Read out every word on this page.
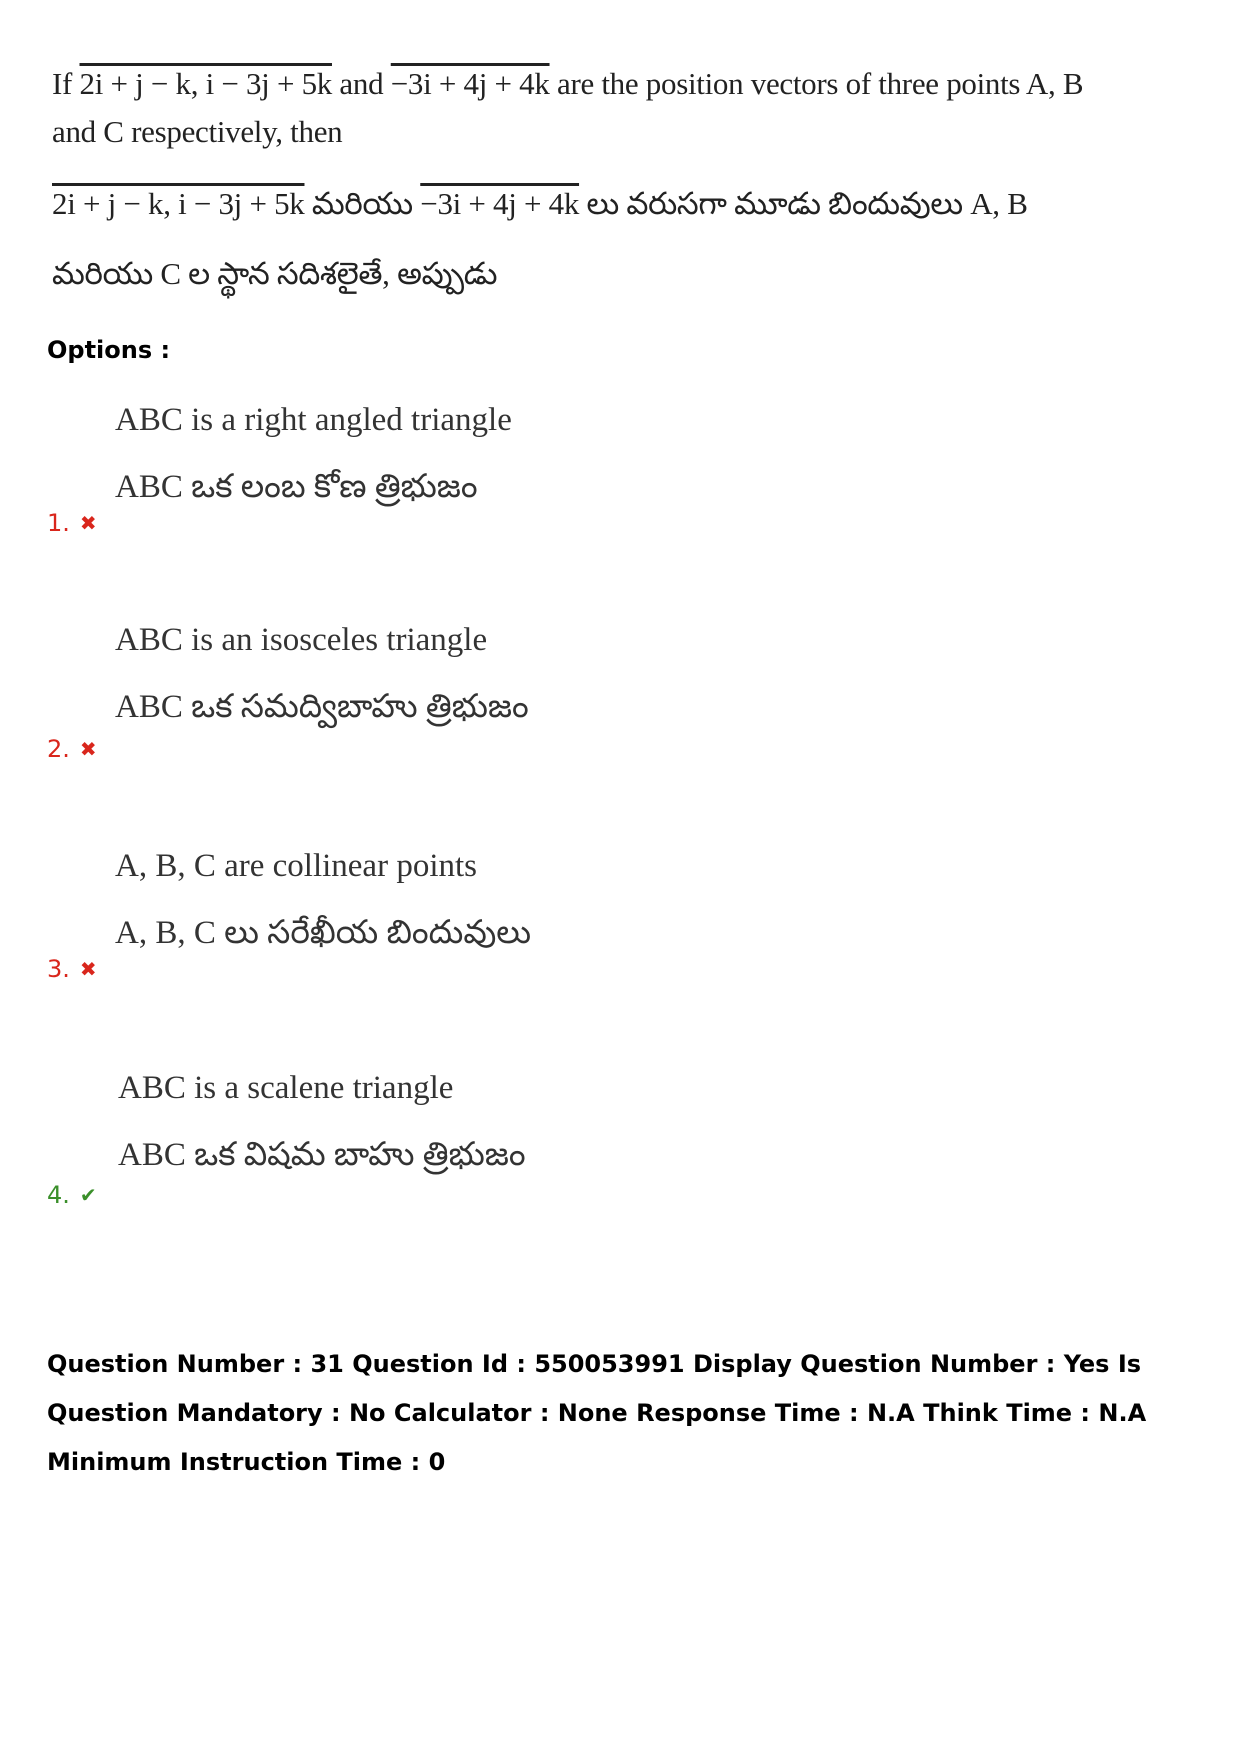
If 2i + j − k, i − 3j + 5k and −3i + 4j + 4k are the position vectors of three points A, B
and C respectively, then
2i + j − k, i − 3j + 5k మరియు −3i + 4j + 4k లు వరుసగా మూడు బిందువులు A, B
మరియు C ల స్థాన సదిశలైతే, అప్పుడు
Options :
ABC is a right angled triangle
ABC ఒక లంబ కోణ త్రిభుజం
1. ✖
ABC is an isosceles triangle
ABC ఒక సమద్విబాహు త్రిభుజం
2. ✖
A, B, C are collinear points
A, B, C లు సరేఖీయ బిందువులు
3. ✖
ABC is a scalene triangle
ABC ఒక విషమ బాహు త్రిభుజం
4. ✔
Question Number : 31 Question Id : 550053991 Display Question Number : Yes Is Question Mandatory : No Calculator : None Response Time : N.A Think Time : N.A Minimum Instruction Time : 0
